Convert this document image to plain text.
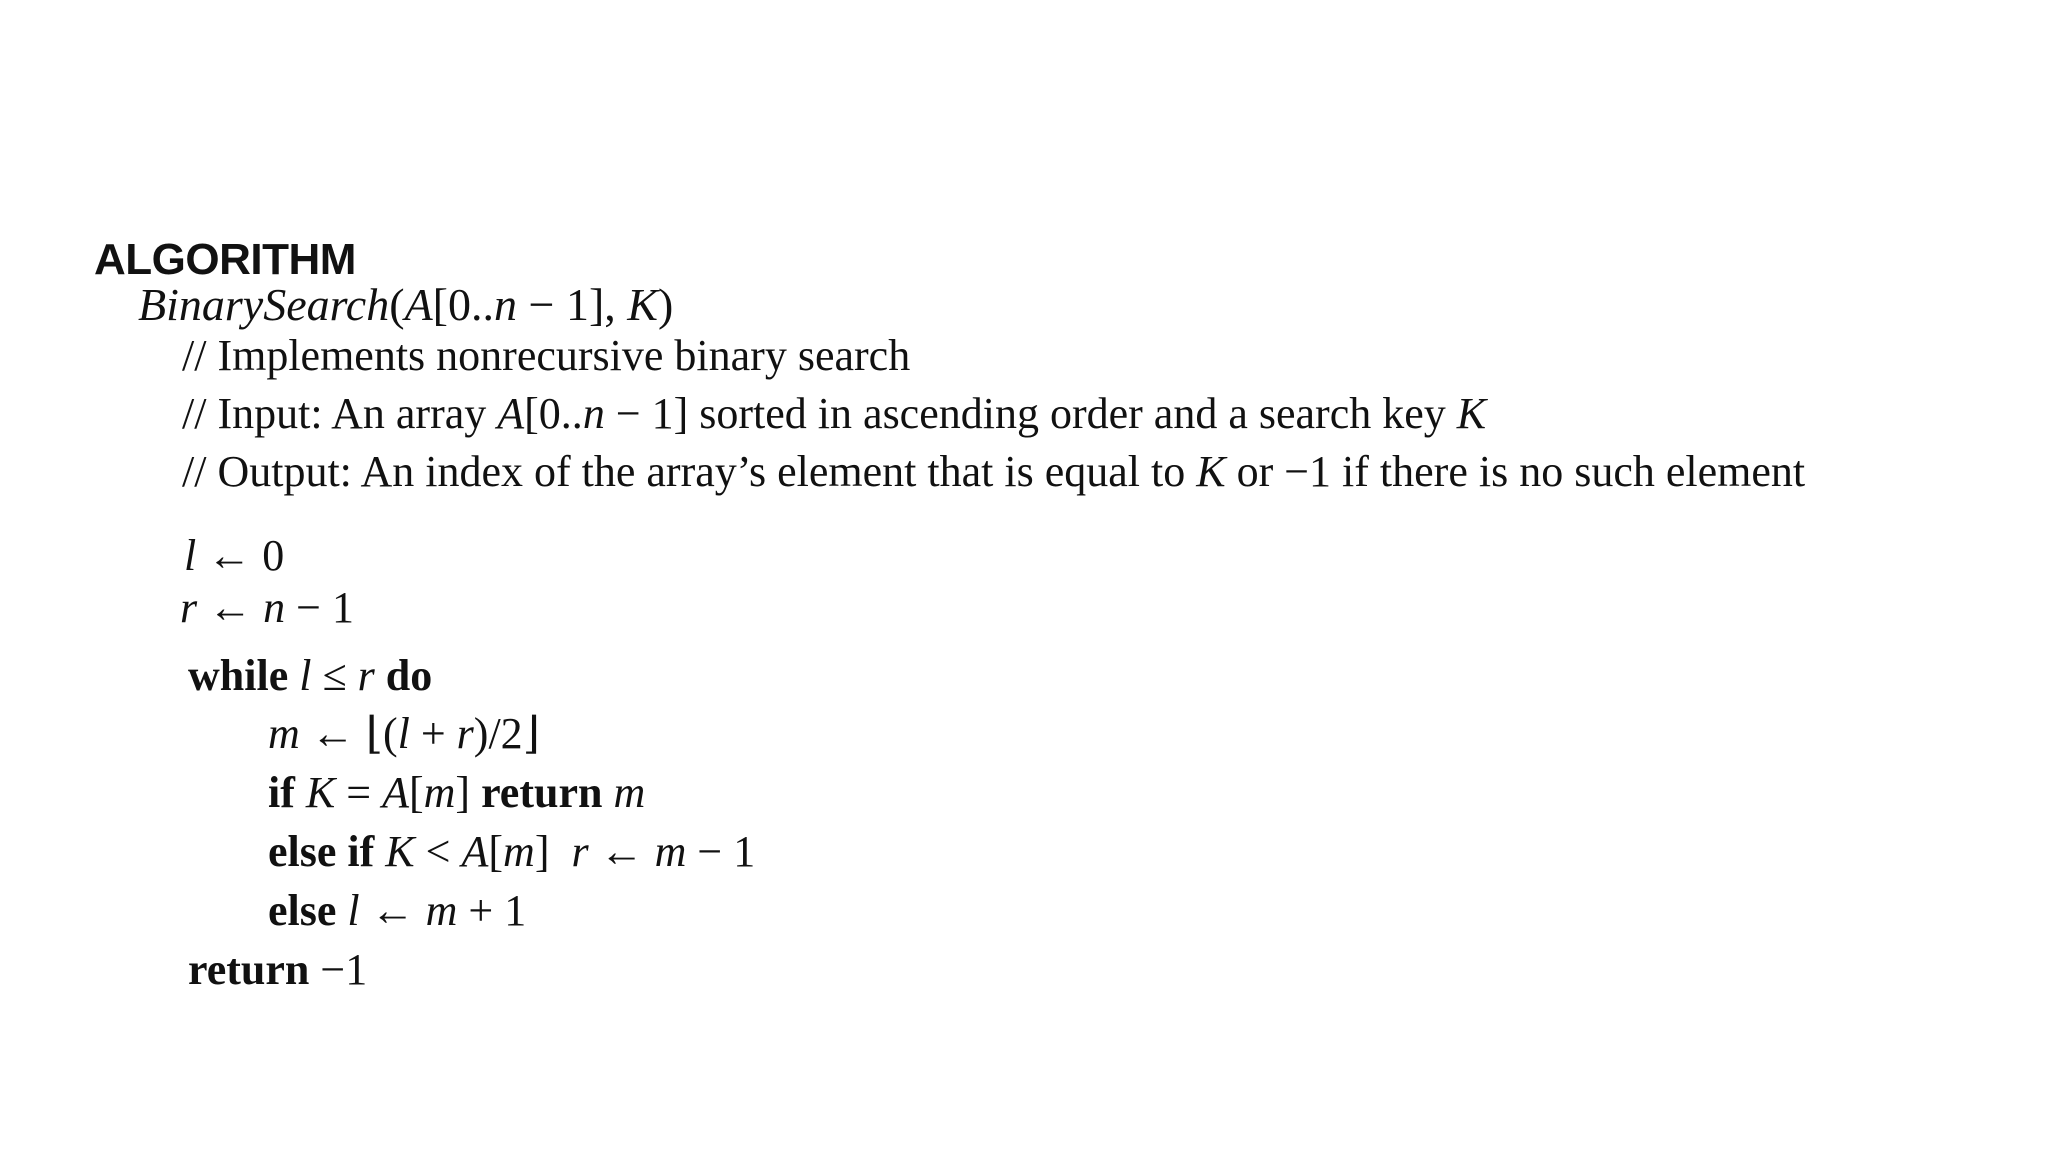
ALGORITHM
BinarySearch(A[0..n − 1], K)

// Implements nonrecursive binary search

// Input: An array A[0..n − 1] sorted in ascending order and a search key K

// Output: An index of the array’s element that is equal to K or −1 if there is no such element

l ← 0

r ← n − 1

while l ≤ r do

m ← ⌊(l + r)/2⌋

if K = A[m] return m

else if K < A[m]  r ← m − 1

else l ← m + 1

return −1
